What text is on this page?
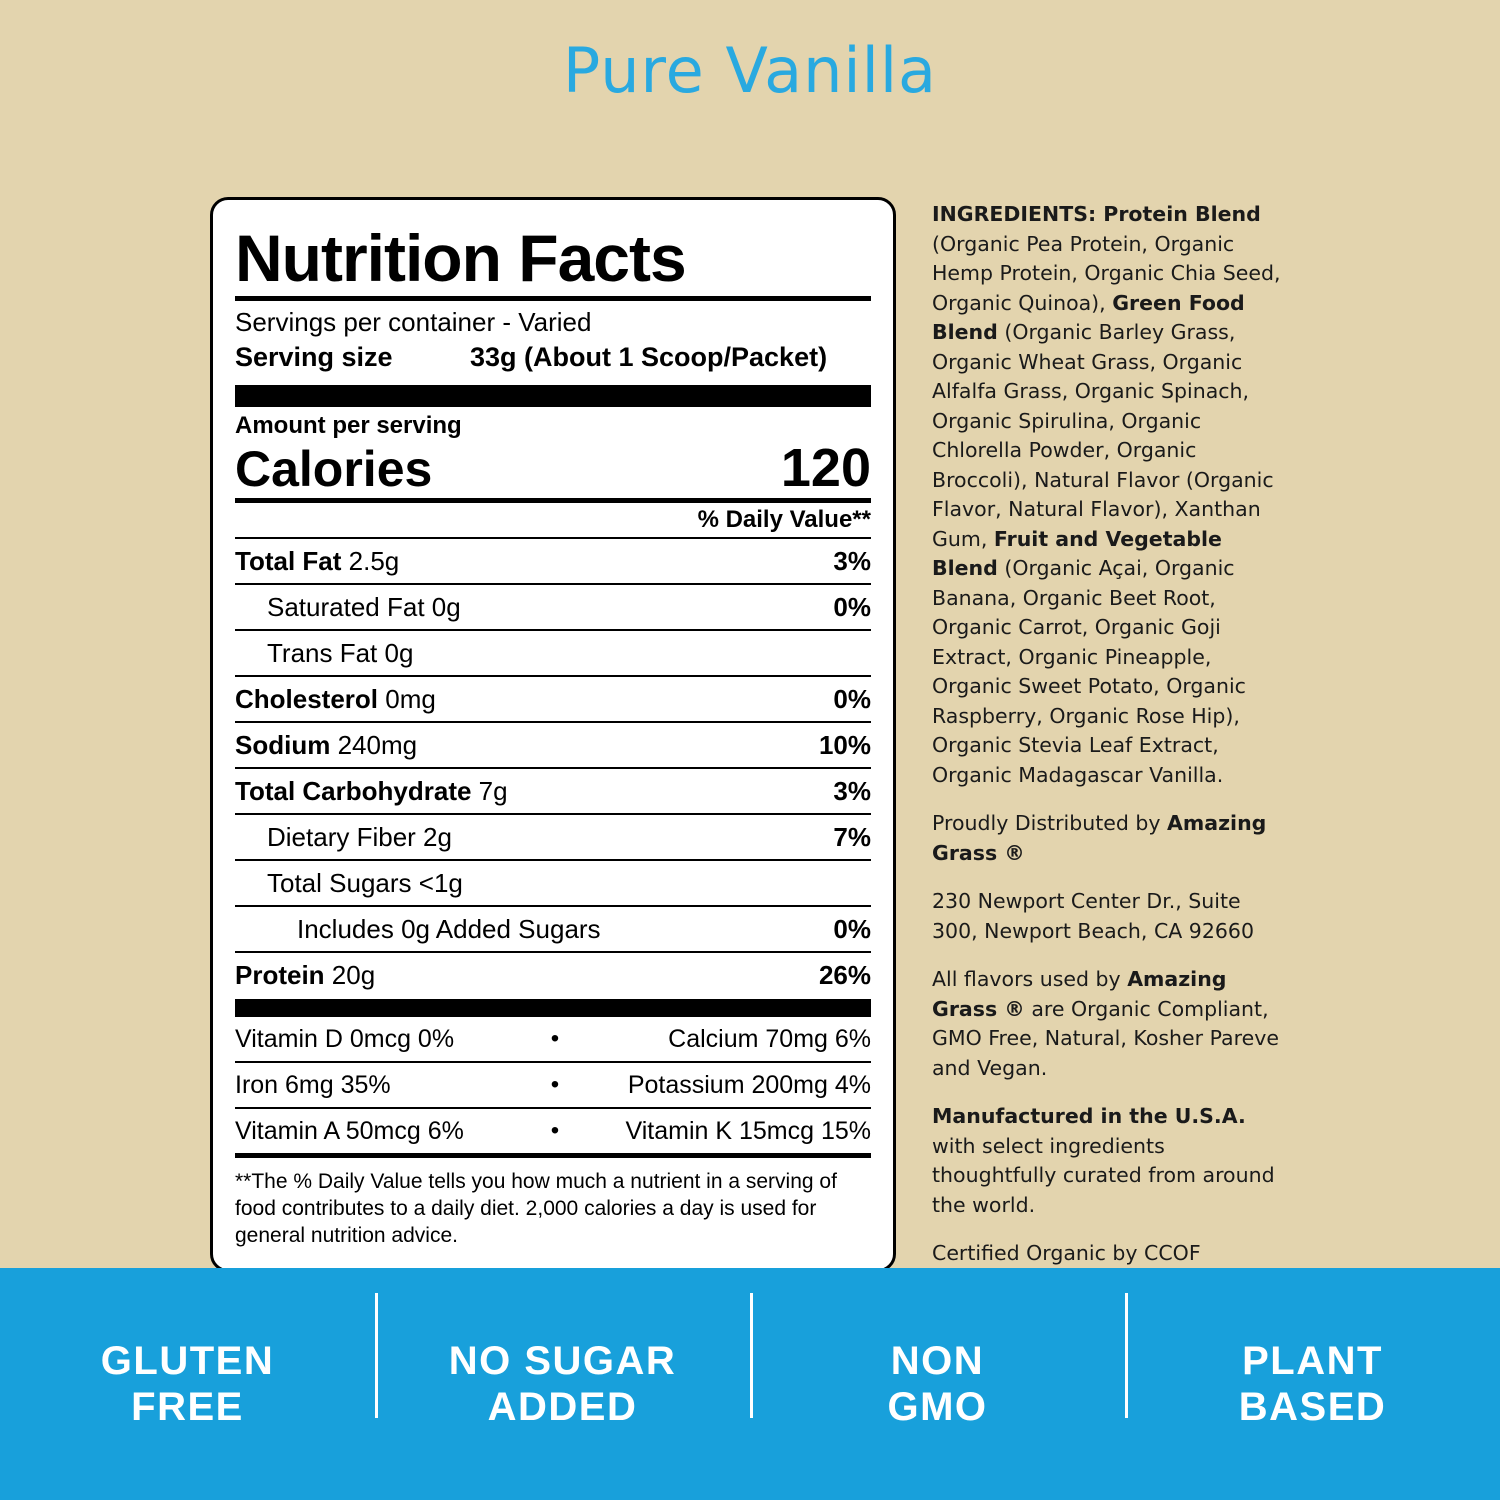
Pure Vanilla
Nutrition Facts
Servings per container - Varied
Serving size	33g (About 1 Scoop/Packet)
Amount per serving
Calories	120
% Daily Value**
Total Fat 2.5g	3%
Saturated Fat 0g	0%
Trans Fat 0g
Cholesterol 0mg	0%
Sodium 240mg	10%
Total Carbohydrate 7g	3%
Dietary Fiber 2g	7%
Total Sugars <1g
Includes 0g Added Sugars	0%
Protein 20g	26%
Vitamin D 0mcg 0%	•	Calcium 70mg 6%
Iron 6mg 35%	•	Potassium 200mg 4%
Vitamin A 50mcg 6%	•	Vitamin K 15mcg 15%
**The % Daily Value tells you how much a nutrient in a serving of food contributes to a daily diet. 2,000 calories a day is used for general nutrition advice.

INGREDIENTS: Protein Blend (Organic Pea Protein, Organic Hemp Protein, Organic Chia Seed, Organic Quinoa), Green Food Blend (Organic Barley Grass, Organic Wheat Grass, Organic Alfalfa Grass, Organic Spinach, Organic Spirulina, Organic Chlorella Powder, Organic Broccoli), Natural Flavor (Organic Flavor, Natural Flavor), Xanthan Gum, Fruit and Vegetable Blend (Organic Açai, Organic Banana, Organic Beet Root, Organic Carrot, Organic Goji Extract, Organic Pineapple, Organic Sweet Potato, Organic Raspberry, Organic Rose Hip), Organic Stevia Leaf Extract, Organic Madagascar Vanilla.

Proudly Distributed by Amazing Grass ®

230 Newport Center Dr., Suite 300, Newport Beach, CA 92660

All flavors used by Amazing Grass ® are Organic Compliant, GMO Free, Natural, Kosher Pareve and Vegan.

Manufactured in the U.S.A. with select ingredients thoughtfully curated from around the world.

Certified Organic by CCOF

GLUTEN
FREE
NO SUGAR
ADDED
NON
GMO
PLANT
BASED
